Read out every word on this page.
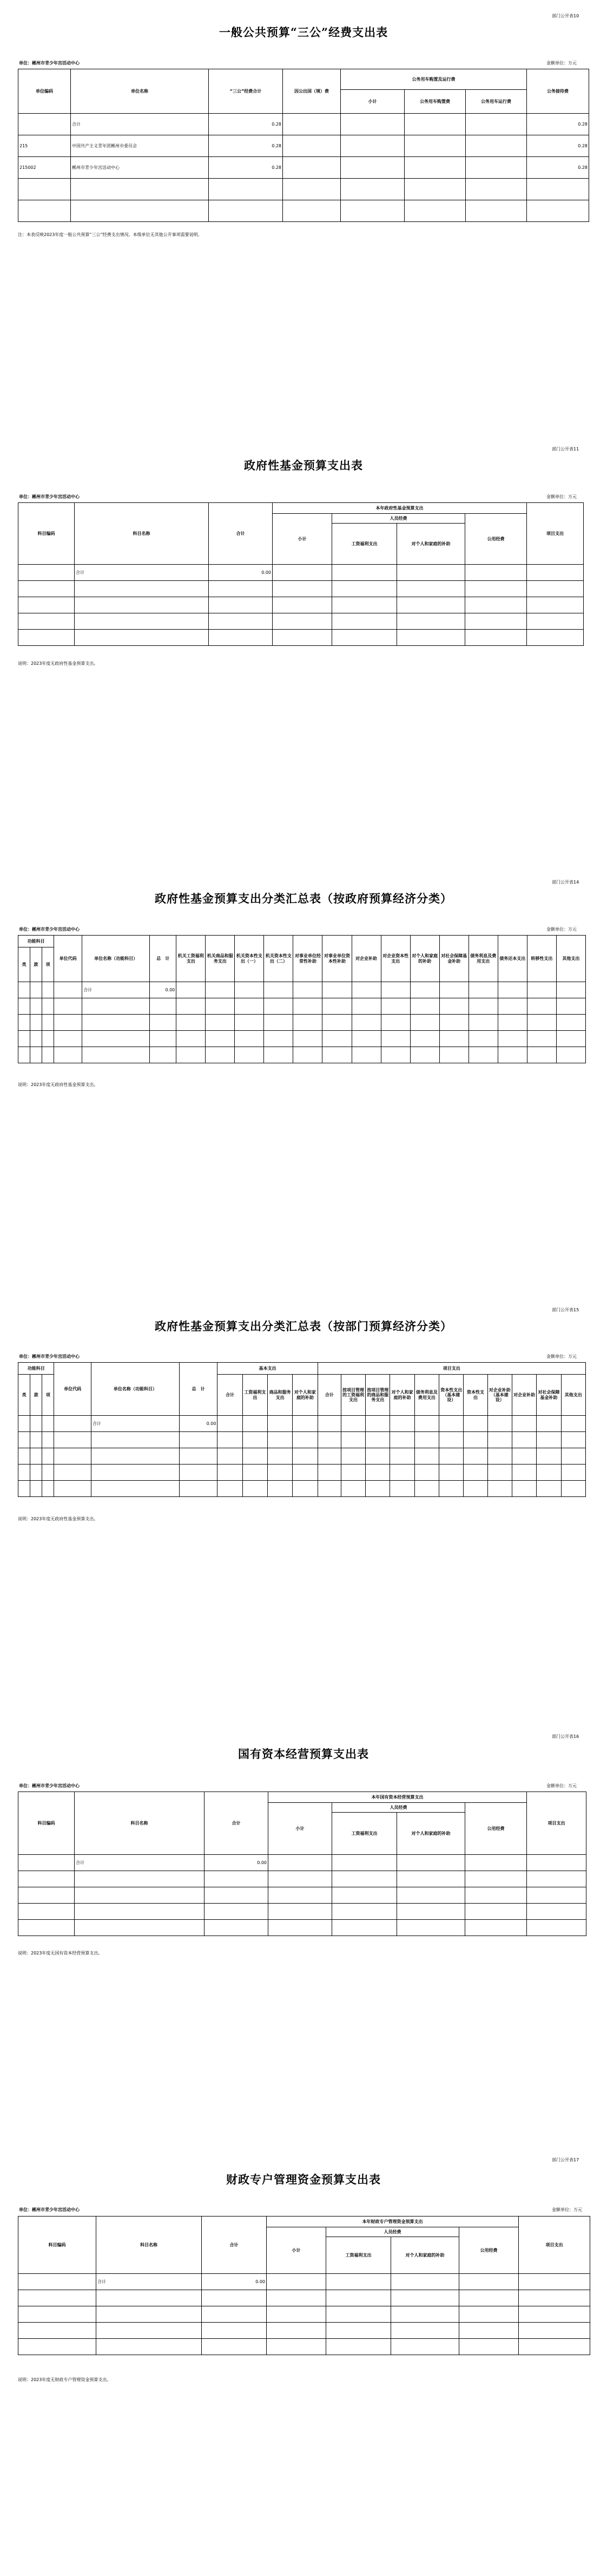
部门公开表10
一般公共预算“三公”经费支出表
单位：郴州市青少年宫活动中心	金额单位：万元
单位编码	单位名称	“三公”经费合计	因公出国（境）费	公务用车购置及运行费			公务接待费
				小计	公务用车购置费	公务用车运行费	
	合计	0.28					0.28
215	中国共产主义青年团郴州市委员会	0.28					0.28
215002	郴州市青少年宫活动中心	0.28					0.28

注：本表反映2023年度一般公共预算“三公”经费支出情况。本级单位无其他公开事项需要说明。
部门公开表11
政府性基金预算支出表
单位：郴州市青少年宫活动中心	金额单位：万元
科目编码	科目名称	合计	本年政府性基金预算支出				项目支出
			小计	人员经费		公用经费	
				工资福利支出	对个人和家庭的补助		
	合计	0.00					

说明：2023年度无政府性基金预算支出。
部门公开表14
政府性基金预算支出分类汇总表（按政府预算经济分类）
单位：郴州市青少年宫活动中心	金额单位：万元
功能科目			单位代码	单位名称（功能科目）	总　计	机关工资福利支出	机关商品和服务支出	机关资本性支出（一）	机关资本性支出（二）	对事业单位经常性补助	对事业单位资本性补助	对企业补助	对企业资本性支出	对个人和家庭的补助	对社会保障基金补助	债务利息及费用支出	债务还本支出	转移性支出	其他支出
类	款	项																	
				合计	0.00														

说明：2023年度无政府性基金预算支出。
部门公开表15
政府性基金预算支出分类汇总表（按部门预算经济分类）
单位：郴州市青少年宫活动中心	金额单位：万元
功能科目			单位代码	单位名称（功能科目）	总　计	基本支出				项目支出										

类	款	项				合计	工资福利支出	商品和服务支出	对个人和家庭的补助	合计	按项目管理的工资福利支出	按项目管理的商品和服务支出	对个人和家庭的补助	债务利息及费用支出	资本性支出（基本建设）	资本性支出	对企业补助（基本建设）	对企业补助	对社会保障基金补助	其他支出
				合计	0.00															

说明：2023年度无政府性基金预算支出。
部门公开表16
国有资本经营预算支出表
单位：郴州市青少年宫活动中心	金额单位：万元
科目编码	科目名称	合计	本年国有资本经营预算支出				项目支出
			小计	人员经费		公用经费	
				工资福利支出	对个人和家庭的补助		
	合计	0.00					

说明：2023年度无国有资本经营预算支出。
部门公开表17
财政专户管理资金预算支出表
单位：郴州市青少年宫活动中心	金额单位：万元
科目编码	科目名称	合计	本年财政专户管理资金预算支出				项目支出
			小计	人员经费		公用经费	
				工资福利支出	对个人和家庭的补助		
	合计	0.00					

说明：2023年度无财政专户管理资金预算支出。
